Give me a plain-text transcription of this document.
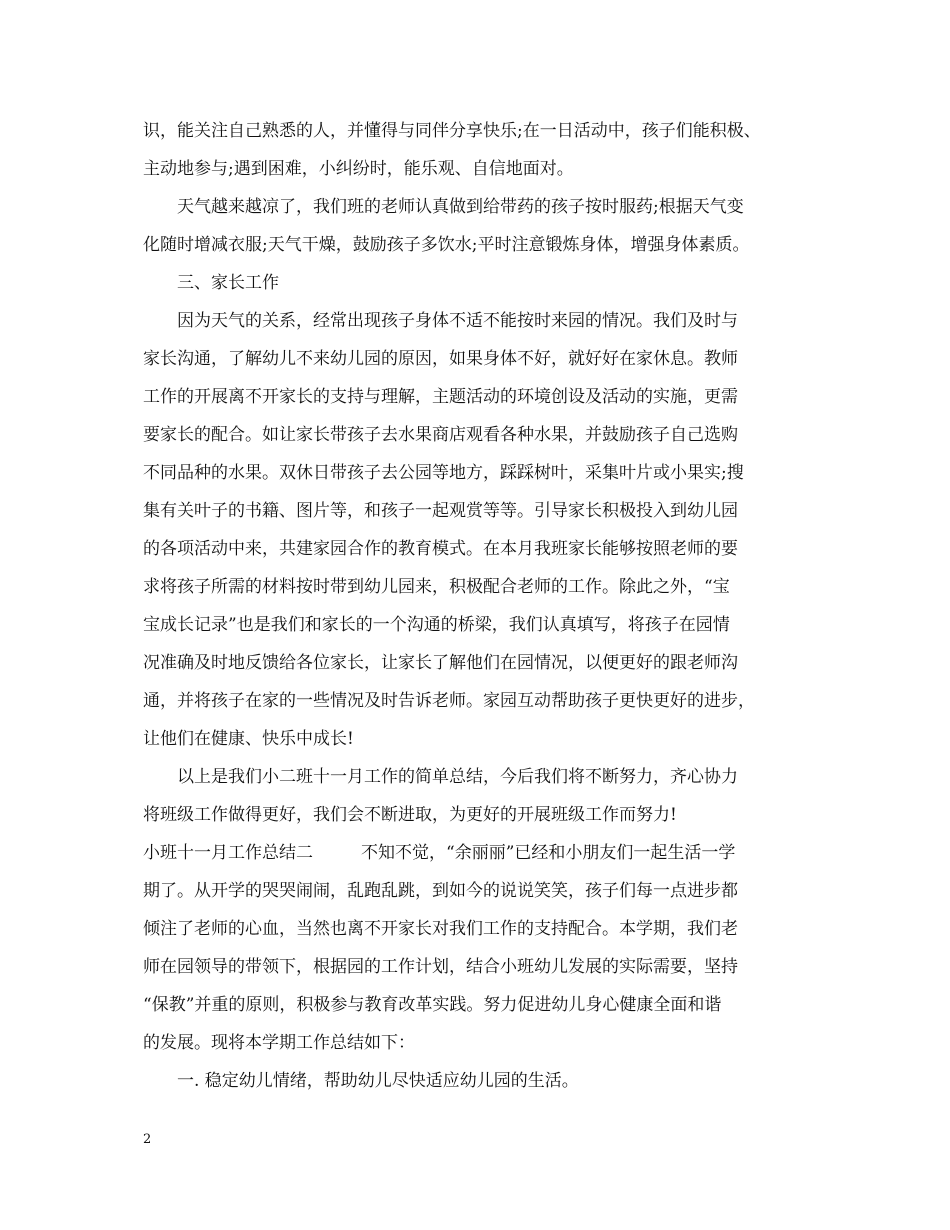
识，能关注自己熟悉的人，并懂得与同伴分享快乐;在一日活动中，孩子们能积极、
主动地参与;遇到困难，小纠纷时，能乐观、自信地面对。
天气越来越凉了，我们班的老师认真做到给带药的孩子按时服药;根据天气变
化随时增减衣服;天气干燥，鼓励孩子多饮水;平时注意锻炼身体，增强身体素质。
三、家长工作
因为天气的关系，经常出现孩子身体不适不能按时来园的情况。我们及时与
家长沟通，了解幼儿不来幼儿园的原因，如果身体不好，就好好在家休息。教师
工作的开展离不开家长的支持与理解，主题活动的环境创设及活动的实施，更需
要家长的配合。如让家长带孩子去水果商店观看各种水果，并鼓励孩子自己选购
不同品种的水果。双休日带孩子去公园等地方，踩踩树叶，采集叶片或小果实;搜
集有关叶子的书籍、图片等，和孩子一起观赏等等。引导家长积极投入到幼儿园
的各项活动中来，共建家园合作的教育模式。在本月我班家长能够按照老师的要
求将孩子所需的材料按时带到幼儿园来，积极配合老师的工作。除此之外，“宝
宝成长记录”也是我们和家长的一个沟通的桥梁，我们认真填写，将孩子在园情
况准确及时地反馈给各位家长，让家长了解他们在园情况，以便更好的跟老师沟
通，并将孩子在家的一些情况及时告诉老师。家园互动帮助孩子更快更好的进步，
让他们在健康、快乐中成长!
以上是我们小二班十一月工作的简单总结，今后我们将不断努力，齐心协力
将班级工作做得更好，我们会不断进取，为更好的开展班级工作而努力!
小班十一月工作总结二	不知不觉，“余丽丽”已经和小朋友们一起生活一学
期了。从开学的哭哭闹闹，乱跑乱跳，到如今的说说笑笑，孩子们每一点进步都
倾注了老师的心血，当然也离不开家长对我们工作的支持配合。本学期，我们老
师在园领导的带领下，根据园的工作计划，结合小班幼儿发展的实际需要，坚持
“保教”并重的原则，积极参与教育改革实践。努力促进幼儿身心健康全面和谐
的发展。现将本学期工作总结如下：
一. 稳定幼儿情绪，帮助幼儿尽快适应幼儿园的生活。
2
